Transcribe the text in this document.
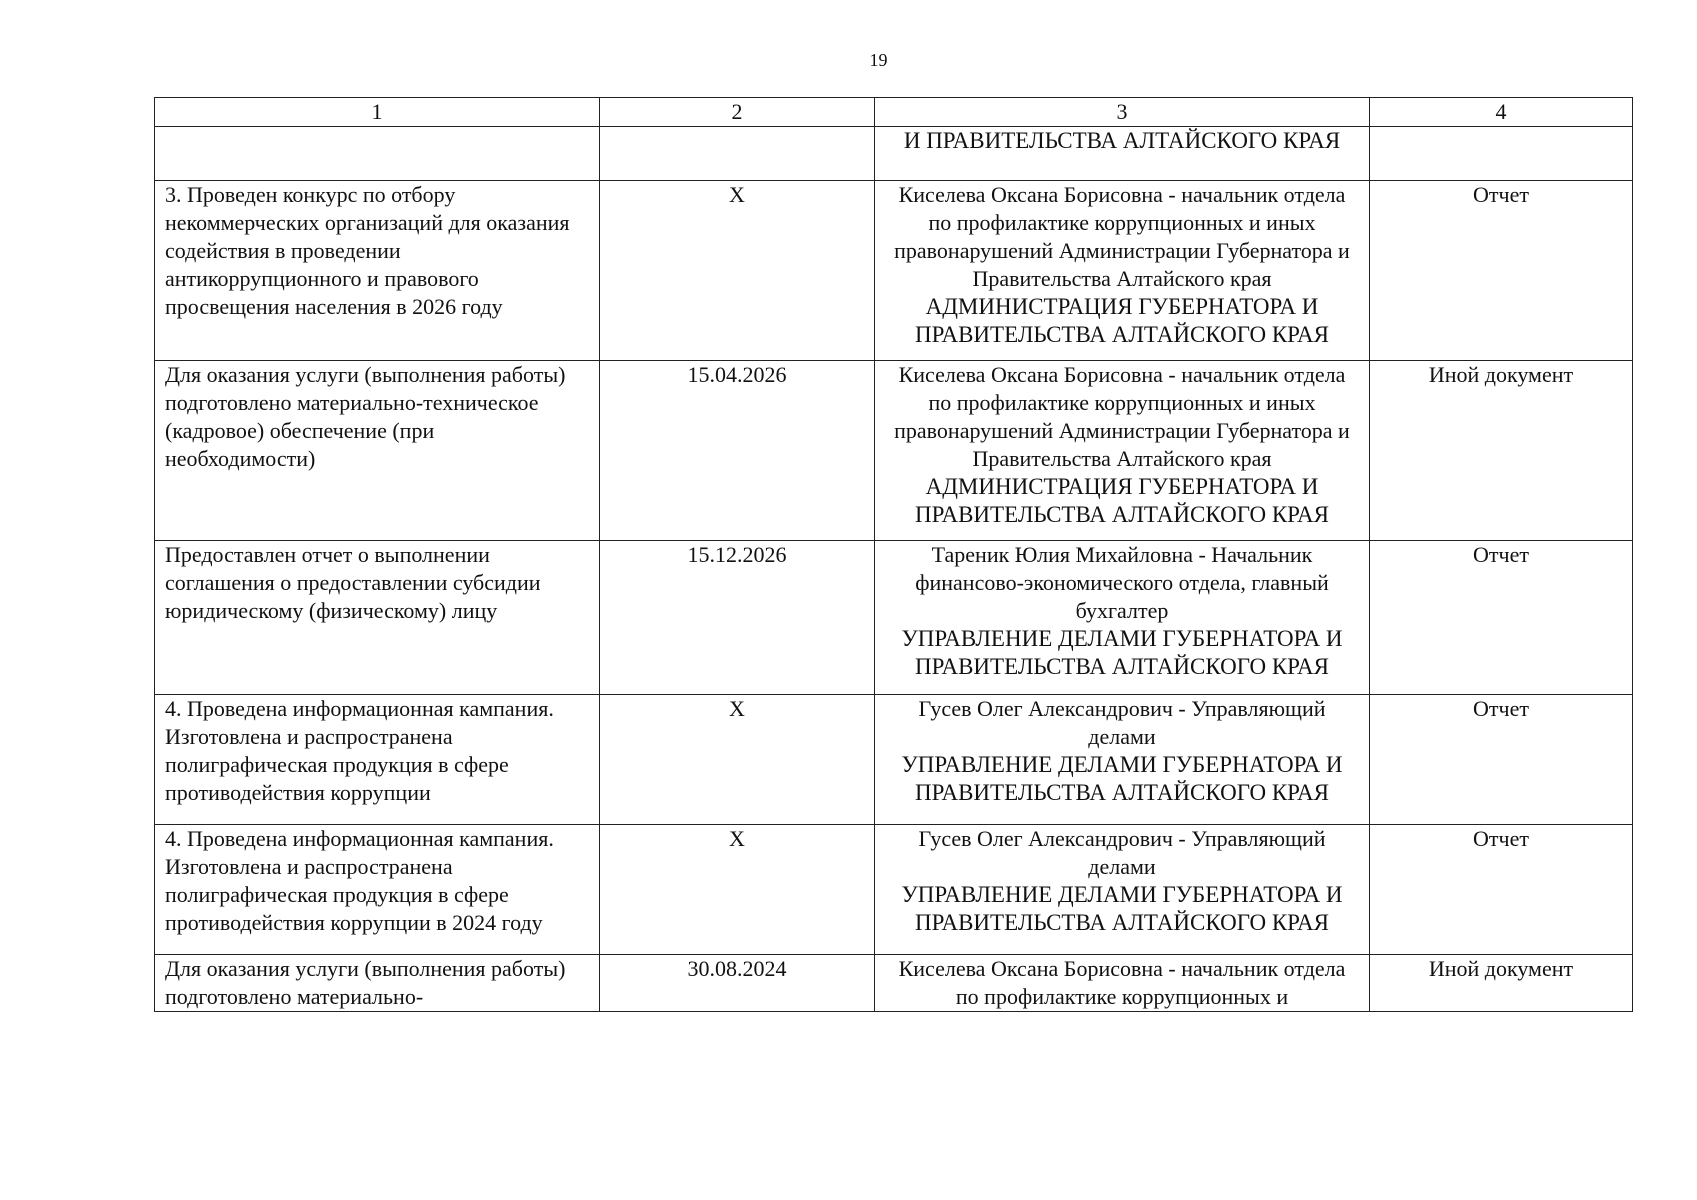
19
1	2	3	4

		И ПРАВИТЕЛЬСТВА АЛТАЙСКОГО КРАЯ	

3. Проведен конкурс по отбору некоммерческих организаций для оказания содействия в проведении антикоррупционного и правового просвещения населения в 2026 году	X	Киселева Оксана Борисовна - начальник отдела по профилактике коррупционных и иных правонарушений Администрации Губернатора и Правительства Алтайского края
АДМИНИСТРАЦИЯ ГУБЕРНАТОРА И ПРАВИТЕЛЬСТВА АЛТАЙСКОГО КРАЯ	Отчет
Для оказания услуги (выполнения работы) подготовлено материально-техническое (кадровое) обеспечение (при необходимости)	15.04.2026	Киселева Оксана Борисовна - начальник отдела по профилактике коррупционных и иных правонарушений Администрации Губернатора и Правительства Алтайского края
АДМИНИСТРАЦИЯ ГУБЕРНАТОРА И ПРАВИТЕЛЬСТВА АЛТАЙСКОГО КРАЯ	Иной документ
Предоставлен отчет о выполнении соглашения о предоставлении субсидии юридическому (физическому) лицу	15.12.2026	Тареник Юлия Михайловна - Начальник финансово-экономического отдела, главный бухгалтер
УПРАВЛЕНИЕ ДЕЛАМИ ГУБЕРНАТОРА И ПРАВИТЕЛЬСТВА АЛТАЙСКОГО КРАЯ	Отчет
4. Проведена информационная кампания. Изготовлена и распространена полиграфическая продукция в сфере противодействия коррупции	X	Гусев Олег Александрович - Управляющий делами
УПРАВЛЕНИЕ ДЕЛАМИ ГУБЕРНАТОРА И ПРАВИТЕЛЬСТВА АЛТАЙСКОГО КРАЯ	Отчет
4. Проведена информационная кампания. Изготовлена и распространена полиграфическая продукция в сфере противодействия коррупции в 2024 году	X	Гусев Олег Александрович - Управляющий делами
УПРАВЛЕНИЕ ДЕЛАМИ ГУБЕРНАТОРА И ПРАВИТЕЛЬСТВА АЛТАЙСКОГО КРАЯ	Отчет
Для оказания услуги (выполнения работы) подготовлено материально-	30.08.2024	Киселева Оксана Борисовна - начальник отдела по профилактике коррупционных и	Иной документ
